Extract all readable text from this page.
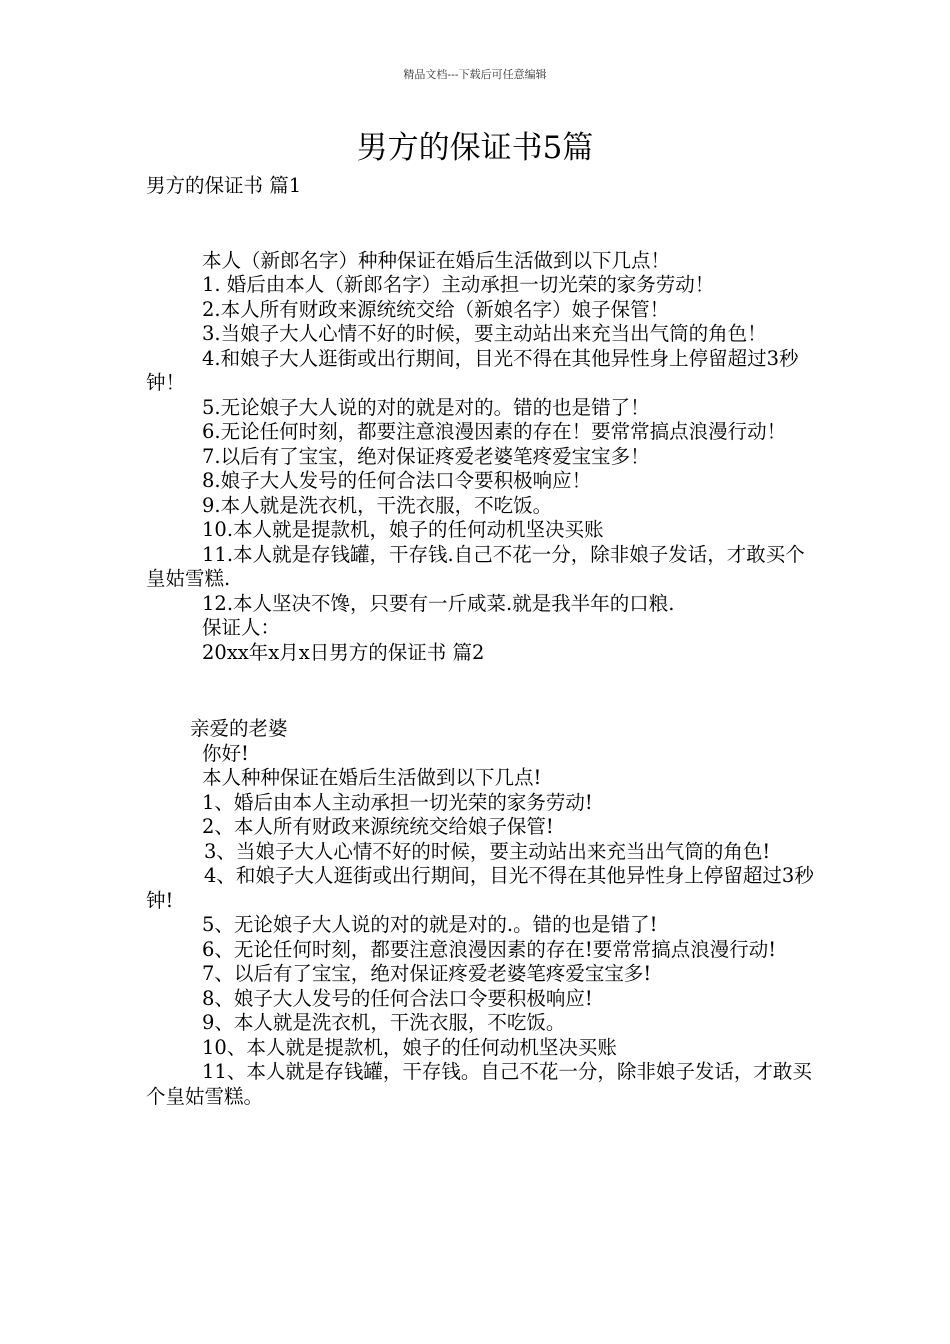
精品文档---下载后可任意编辑
男方的保证书5篇

男方的保证书 篇1

本人（新郎名字）种种保证在婚后生活做到以下几点！

1. 婚后由本人（新郎名字）主动承担一切光荣的家务劳动！

2.本人所有财政来源统统交给（新娘名字）娘子保管！

3.当娘子大人心情不好的时候，要主动站出来充当出气筒的角色！

4.和娘子大人逛街或出行期间，目光不得在其他异性身上停留超过3秒钟！

5.无论娘子大人说的对的就是对的。错的也是错了！

6.无论任何时刻，都要注意浪漫因素的存在！要常常搞点浪漫行动！

7.以后有了宝宝，绝对保证疼爱老婆笔疼爱宝宝多！

8.娘子大人发号的任何合法口令要积极响应！

9.本人就是洗衣机，干洗衣服，不吃饭。

10.本人就是提款机，娘子的任何动机坚决买账

11.本人就是存钱罐，干存钱.自己不花一分，除非娘子发话，才敢买个皇姑雪糕.

12.本人坚决不馋，只要有一斤咸菜.就是我半年的口粮.

保证人：

20xx年x月x日男方的保证书 篇2

亲爱的老婆

你好!

本人种种保证在婚后生活做到以下几点!

1、婚后由本人主动承担一切光荣的家务劳动!

2、本人所有财政来源统统交给娘子保管!

3、当娘子大人心情不好的时候，要主动站出来充当出气筒的角色!

4、和娘子大人逛街或出行期间，目光不得在其他异性身上停留超过3秒钟!

5、无论娘子大人说的对的就是对的.。错的也是错了!

6、无论任何时刻，都要注意浪漫因素的存在!要常常搞点浪漫行动!

7、以后有了宝宝，绝对保证疼爱老婆笔疼爱宝宝多!

8、娘子大人发号的任何合法口令要积极响应!

9、本人就是洗衣机，干洗衣服，不吃饭。

10、本人就是提款机，娘子的任何动机坚决买账

11、本人就是存钱罐，干存钱。自己不花一分，除非娘子发话，才敢买个皇姑雪糕。
